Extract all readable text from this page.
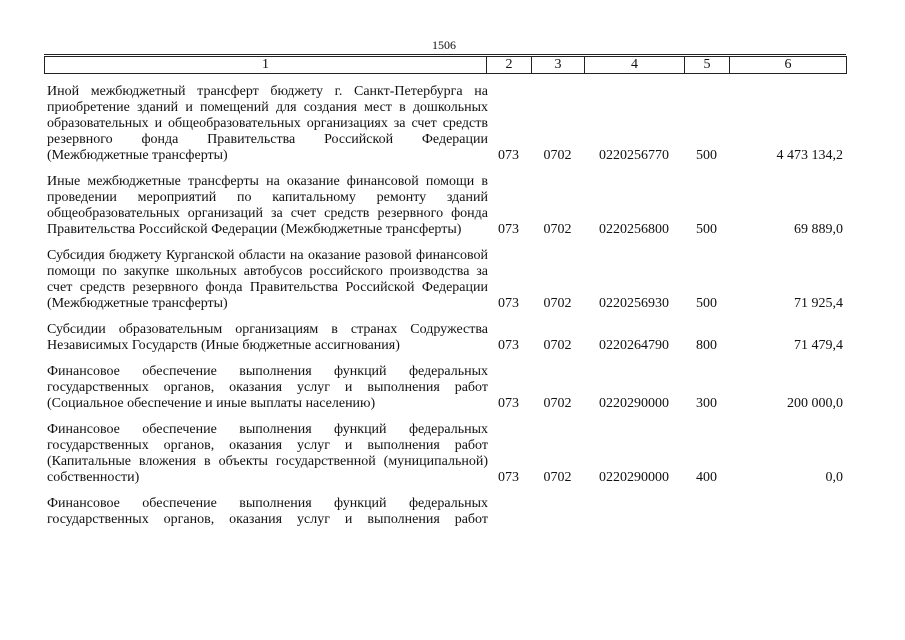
1506
1	2	3	4	5	6
Иной межбюджетный трансферт бюджету г. Санкт-Петербурга на приобретение зданий и помещений для создания мест в дошкольных образовательных и общеобразовательных организациях за счет средств резервного фонда Правительства Российской Федерации (Межбюджетные трансферты)	073	0702	0220256770	500	4 473 134,2
Иные межбюджетные трансферты на оказание финансовой помощи в проведении мероприятий по капитальному ремонту зданий общеобразовательных организаций за счет средств резервного фонда Правительства Российской Федерации (Межбюджетные трансферты)	073	0702	0220256800	500	69 889,0
Субсидия бюджету Курганской области на оказание разовой финансовой помощи по закупке школьных автобусов российского производства за счет средств резервного фонда Правительства Российской Федерации (Межбюджетные трансферты)	073	0702	0220256930	500	71 925,4
Субсидии образовательным организациям в странах Содружества Независимых Государств (Иные бюджетные ассигнования)	073	0702	0220264790	800	71 479,4
Финансовое обеспечение выполнения функций федеральных государственных органов, оказания услуг и выполнения работ (Социальное обеспечение и иные выплаты населению)	073	0702	0220290000	300	200 000,0
Финансовое обеспечение выполнения функций федеральных государственных органов, оказания услуг и выполнения работ (Капитальные вложения в объекты государственной (муниципальной) собственности)	073	0702	0220290000	400	0,0
Финансовое обеспечение выполнения функций федеральных государственных органов, оказания услуг и выполнения работ
